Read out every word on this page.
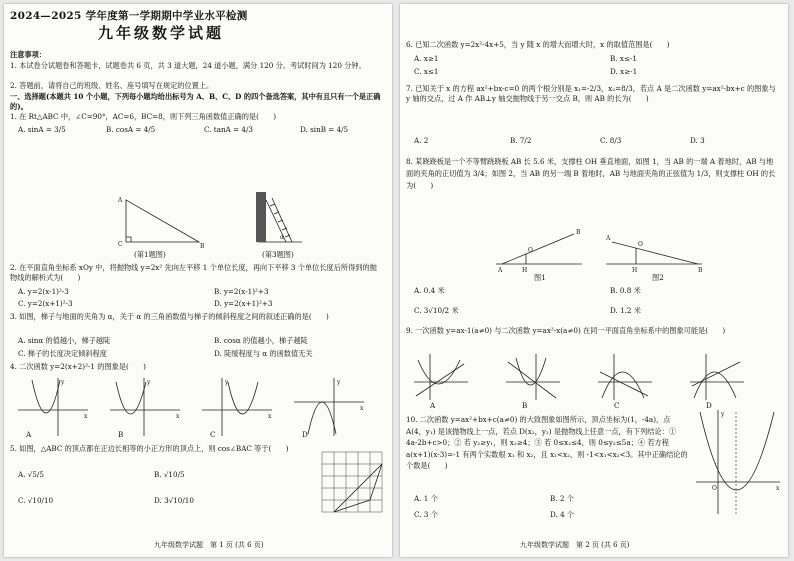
2024—2025 学年度第一学期期中学业水平检测
九年级数学试题
注意事项：
1. 本试卷分试题卷和答题卡，试题卷共 6 页，共 3 道大题，24 道小题，满分 120 分。考试时间为 120 分钟。
2. 答题前，请将自己的班级、姓名、座号填写在规定的位置上。
一、选择题(本题共 10 个小题，下列每小题均给出标号为 A、B、C、D 的四个备选答案，其中有且只有一个是正确的)。
1. 在 Rt△ABC 中，∠C=90°，AC=6，BC=8，则下列三角函数值正确的是(　　)
A. sinA = 3/5	B. cosA = 4/5	C. tanA = 4/3	D. sinB = 4/5
A
C	B
(第1题图)
α
(第3题图)
2. 在平面直角坐标系 xOy 中，将抛物线 y=2x² 先向左平移 1 个单位长度，再向下平移 3 个单位长度后所得到的抛物线的解析式为(　　)
A. y=2(x-1)²-3	B. y=2(x-1)²+3
C. y=2(x+1)²-3	D. y=2(x+1)²+3
3. 如图，梯子与地面的夹角为 α，关于 α 的三角函数值与梯子的倾斜程度之间的叙述正确的是(　　)
A. sinα 的值越小，梯子越陡	B. cosα 的值越小，梯子越陡
C. 梯子的长度决定倾斜程度	D. 陡缓程度与 α 的函数值无关
4. 二次函数 y=2(x+2)²-1 的图象是(　　)
x
y
x
y
x
y
x
y
A	B	C	D
5. 如图，△ABC 的顶点都在正边长相等的小正方形的顶点上，则 cos∠BAC 等于(　　)
A. √5/5	B. √10/5
C. √10/10	D. 3√10/10
九年级数学试题　第 1 页 (共 6 页)
6. 已知二次函数 y=2x²-4x+5，当 y 随 x 的增大而增大时，x 的取值范围是(　　)
A. x≥1	B. x≤-1
C. x≤1	D. x≥-1
7. 已知关于 x 的方程 ax²+bx-c=0 的两个根分别是 x₁=-2/3，x₂=8/3，若点 A 是二次函数 y=ax²-bx+c 的图象与 y 轴的交点，过 A 作 AB⊥y 轴交抛物线于另一交点 B，则 AB 的长为(　　)
A. 2	B. 7/2	C. 8/3	D. 3
8. 某跷跷板是一个不等臂跷跷板 AB 长 5.6 米，支撑柱 OH 垂直地面，如图 1，当 AB 的一端 A 着地时，AB 与地面的夹角的正切值为 3/4；如图 2，当 AB 的另一端 B 着地时，AB 与地面夹角的正弦值为 1/3，则支撑柱 OH 的长为(　　)
A	H
O
B
图1
A
H
O
B
图2
A. 0.4 米	B. 0.8 米
C. 3√10/2 米	D. 1.2 米
9. 一次函数 y=ax-1(a≠0) 与二次函数 y=ax²-x(a≠0) 在同一平面直角坐标系中的图象可能是(　　)
A	B	C	D
10. 二次函数 y=ax²+bx+c(a≠0) 的大致图象如图所示，顶点坐标为(1，-4a)，点 A(4，y₁) 是该抛物线上一点，若点 D(x₂，y₂) 是抛物线上任意一点，有下列结论：① 4a-2b+c>0；② 若 y₂≥y₁，则 x₂≥4；③ 若 0≤x₂≤4，则 0≤y₂≤5a；④ 若方程 a(x+1)(x-3)=-1 有两个实数根 x₁ 和 x₂，且 x₁<x₂，则 -1<x₁<x₂<3。其中正确结论的个数是(　　)
x
y
O
A. 1 个	B. 2 个
C. 3 个	D. 4 个
九年级数学试题　第 2 页 (共 6 页)
